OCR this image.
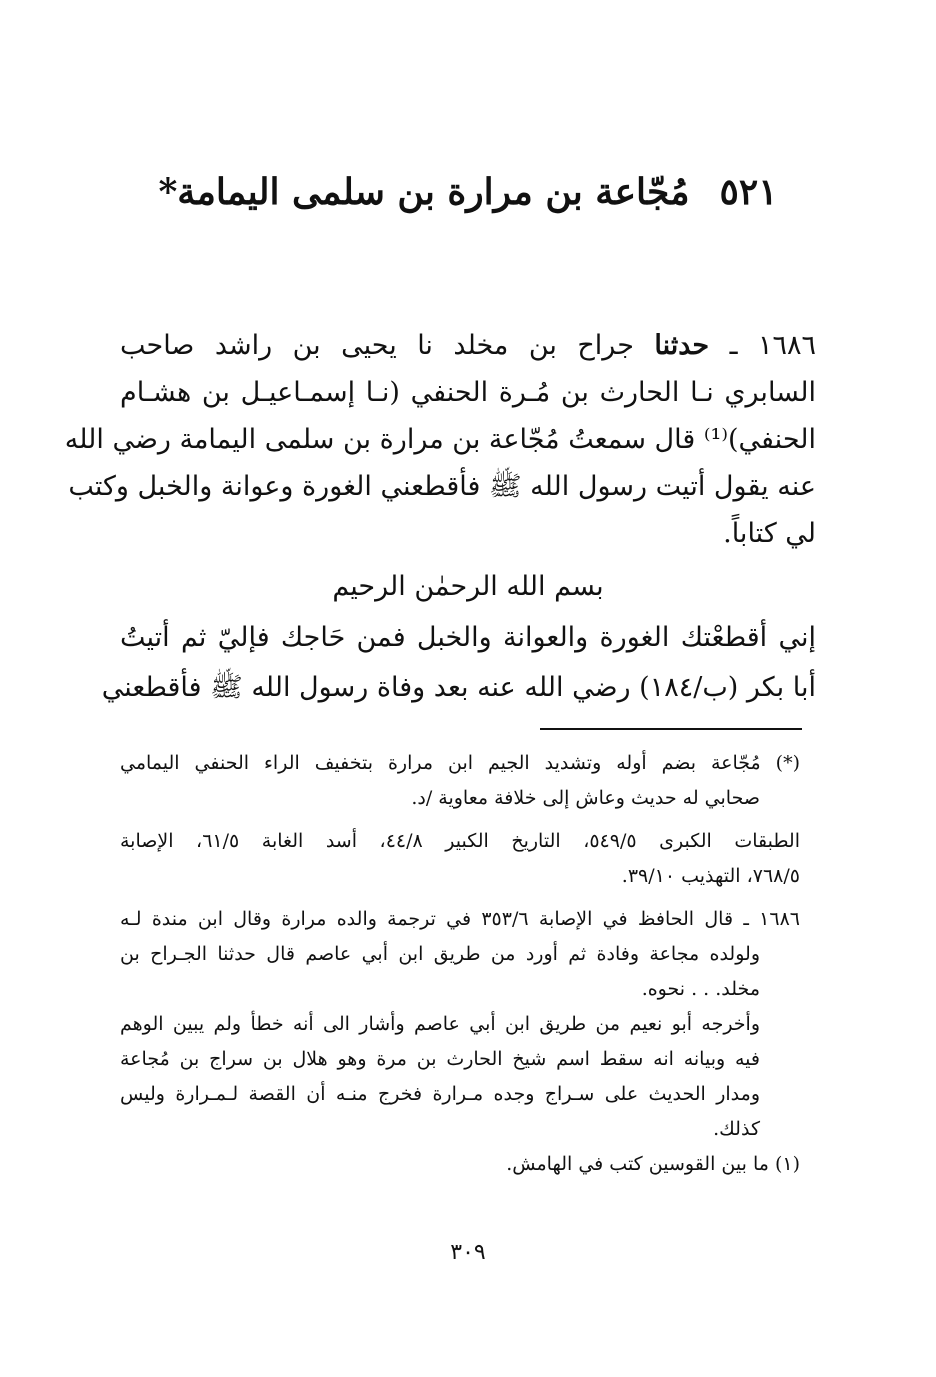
٥٢١مُجّاعة بن مرارة بن سلمى اليمامة*
١٦٨٦ ـ حدثنا جراح بن مخلد نا يحيى بن راشد صاحب
السابري نـا الحارث بن مُـرة الحنفي (نـا إسمـاعيـل بن هشـام
الحنفي)⁽¹⁾ قال سمعتُ مُجّاعة بن مرارة بن سلمى اليمامة رضي الله
عنه يقول أتيت رسول الله ﷺ فأقطعني الغورة وعوانة والخبل وكتب
لي كتاباً.
بسم الله الرحمٰن الرحيم
إني أقطعْتك الغورة والعوانة والخبل فمن حَاجك فإليّ ثم أتيتُ
أبا بكر (ب/١٨٤) رضي الله عنه بعد وفاة رسول الله ﷺ فأقطعني
(*) مُجّاعة بضم أوله وتشديد الجيم ابن مرارة بتخفيف الراء الحنفي اليمامي
صحابي له حديث وعاش إلى خلافة معاوية /د.
الطبقات الكبرى ٥٤٩/٥، التاريخ الكبير ٤٤/٨، أسد الغابة ٦١/٥، الإصابة
٧٦٨/٥، التهذيب ٣٩/١٠.
١٦٨٦ ـ قال الحافظ في الإصابة ٣٥٣/٦ في ترجمة والده مرارة وقال ابن مندة لـه
ولولده مجاعة وفادة ثم أورد من طريق ابن أبي عاصم قال حدثنا الجـراح بن
مخلد. . . نحوه.
وأخرجه أبو نعيم من طريق ابن أبي عاصم وأشار الى أنه خطأ ولم يبين الوهم
فيه وبيانه انه سقط اسم شيخ الحارث بن مرة وهو هلال بن سراج بن مُجاعة
ومدار الحديث على سـراج وجده مـرارة فخرج منـه أن القصة لـمـرارة وليس
كذلك.
(١) ما بين القوسين كتب في الهامش.
٣٠٩
